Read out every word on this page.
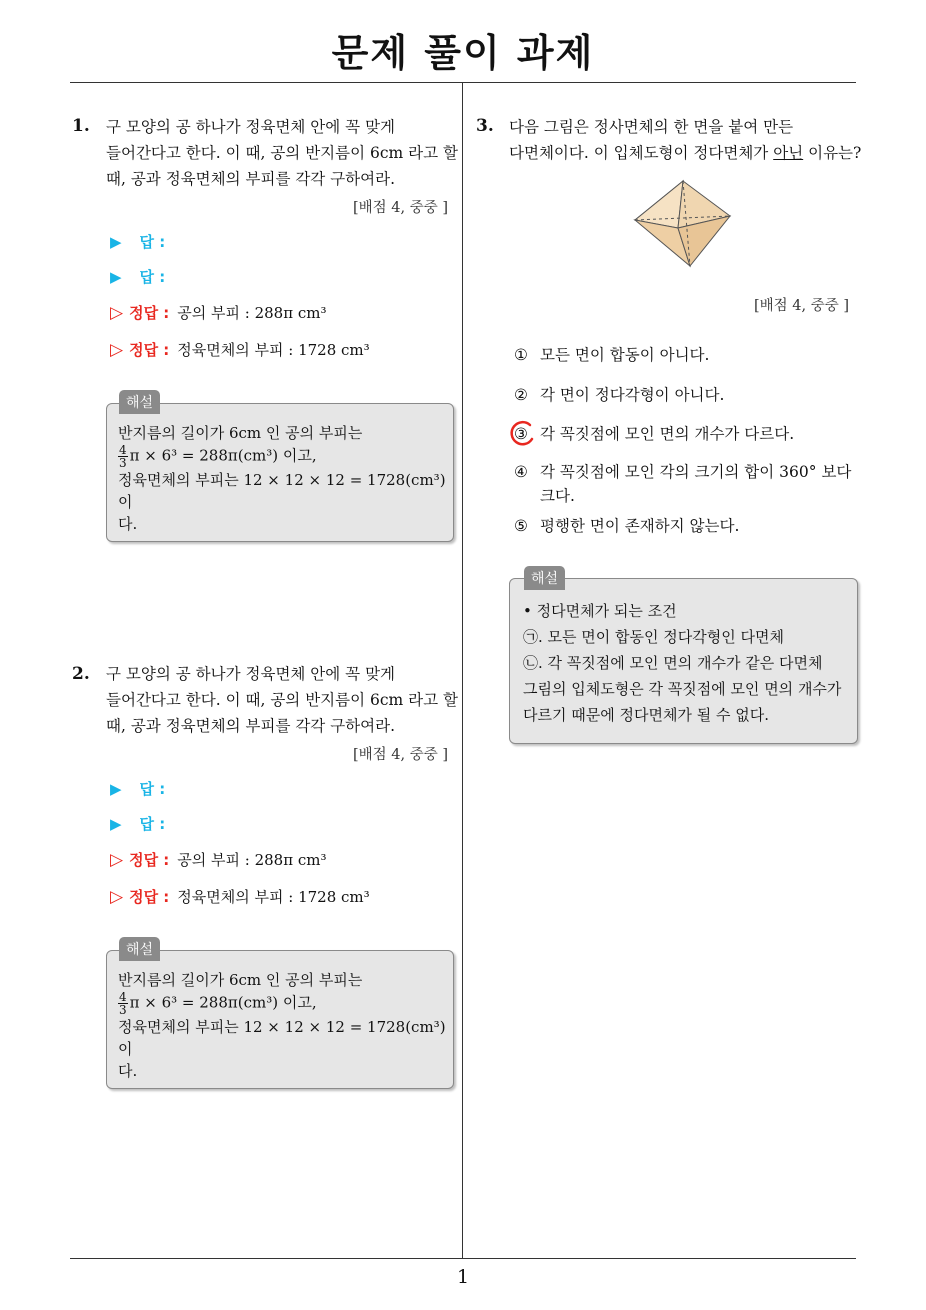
문제 풀이 과제
1
1. 구 모양의 공 하나가 정육면체 안에 꼭 맞게
들어간다고 한다. 이 때, 공의 반지름이 6cm 라고 할
때, 공과 정육면체의 부피를 각각 구하여라.
[배점 4, 중중 ]
▶ 답 :
▶ 답 :
▷ 정답 : 공의 부피 : 288π cm³
▷ 정답 : 정육면체의 부피 : 1728 cm³
해설
반지름의 길이가 6cm 인 공의 부피는
$\frac{4}{3}$ π × 6³ = 288π(cm³) 이고,
정육면체의 부피는 12 × 12 × 12 = 1728(cm³) 이
다.
2. 구 모양의 공 하나가 정육면체 안에 꼭 맞게
들어간다고 한다. 이 때, 공의 반지름이 6cm 라고 할
때, 공과 정육면체의 부피를 각각 구하여라.
[배점 4, 중중 ]
▶ 답 :
▶ 답 :
▷ 정답 : 공의 부피 : 288π cm³
▷ 정답 : 정육면체의 부피 : 1728 cm³
해설
반지름의 길이가 6cm 인 공의 부피는
$\frac{4}{3}$ π × 6³ = 288π(cm³) 이고,
정육면체의 부피는 12 × 12 × 12 = 1728(cm³) 이
다.
3. 다음 그림은 정사면체의 한 면을 붙여 만든
다면체이다. 이 입체도형이 정다면체가 아닌 이유는?
[배점 4, 중중 ]
① 모든 면이 합동이 아니다.
② 각 면이 정다각형이 아니다.
③ 각 꼭짓점에 모인 면의 개수가 다르다.
④ 각 꼭짓점에 모인 각의 크기의 합이 360° 보다
크다.
⑤ 평행한 면이 존재하지 않는다.
해설
• 정다면체가 되는 조건
㉠. 모든 면이 합동인 정다각형인 다면체
㉡. 각 꼭짓점에 모인 면의 개수가 같은 다면체
그림의 입체도형은 각 꼭짓점에 모인 면의 개수가
다르기 때문에 정다면체가 될 수 없다.
